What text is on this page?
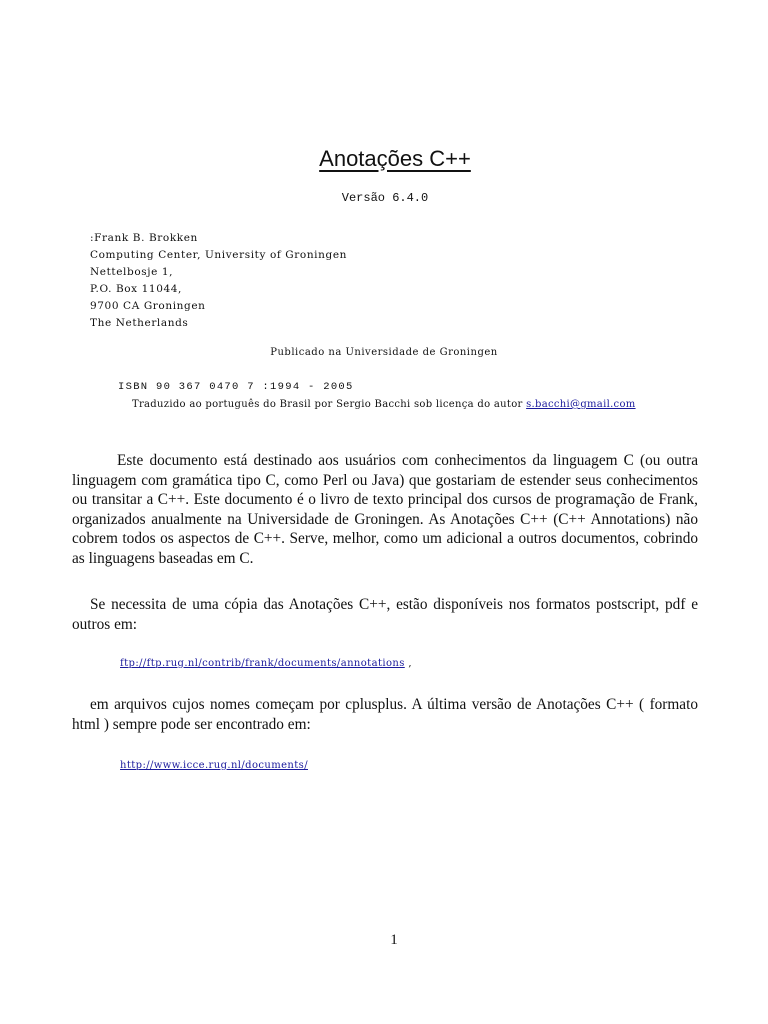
Anotações C++

Versão 6.4.0

:Frank B. Brokken
Computing Center, University of Groningen
Nettelbosje 1,
P.O. Box 11044,
9700 CA Groningen
The Netherlands

Publicado na Universidade de Groningen

ISBN 90 367 0470 7 :1994 - 2005
Traduzido ao português do Brasil por Sergio Bacchi sob licença do autor s.bacchi@gmail.com

Este documento está destinado aos usuários com conhecimentos da linguagem C (ou outra linguagem com gramática tipo C, como Perl ou Java) que gostariam de estender seus conhecimentos ou transitar a C++. Este documento é o livro de texto principal dos cursos de programação de Frank, organizados anualmente na Universidade de Groningen. As Anotações C++ (C++ Annotations) não cobrem todos os aspectos de C++. Serve, melhor, como um adicional a outros documentos, cobrindo as linguagens baseadas em C.

Se necessita de uma cópia das Anotações C++, estão disponíveis nos formatos postscript, pdf e outros em:

ftp://ftp.rug.nl/contrib/frank/documents/annotations ,

em arquivos cujos nomes começam por cplusplus. A última versão de Anotações C++ ( formato html ) sempre pode ser encontrado em:

http://www.icce.rug.nl/documents/

1
